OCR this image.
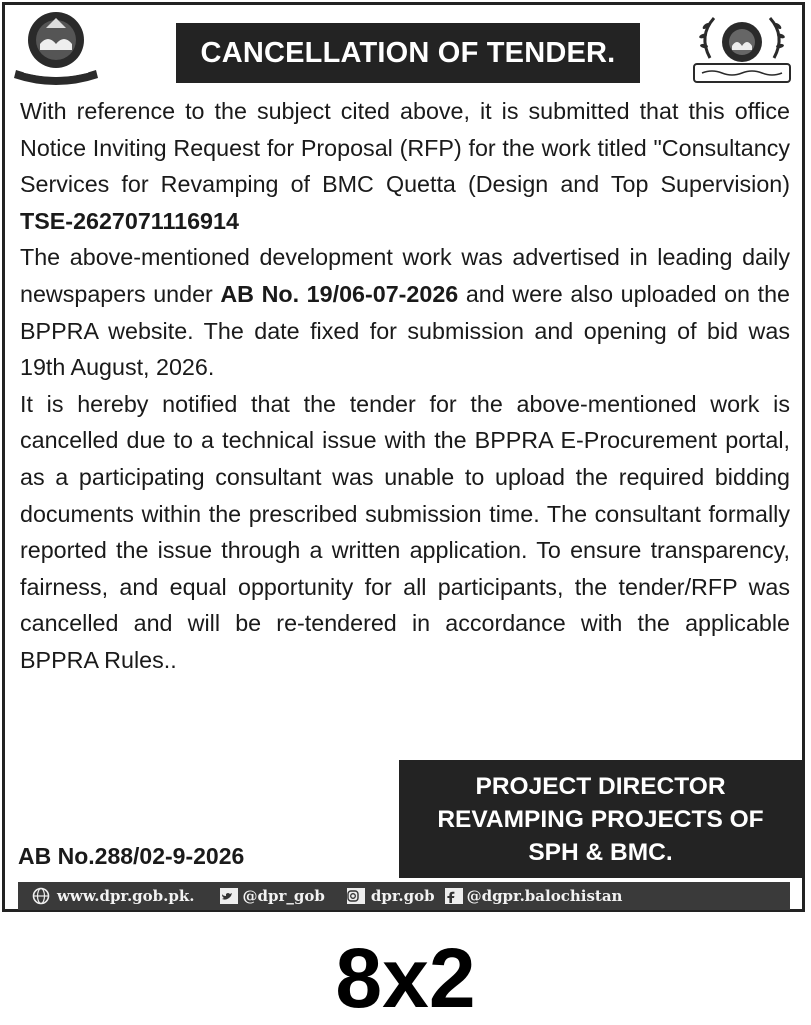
CANCELLATION OF TENDER.

With reference to the subject cited above, it is submitted that this office Notice Inviting Request for Proposal (RFP) for the work titled "Consultancy Services for Revamping of BMC Quetta (Design and Top Supervision) TSE-2627071116914

The above-mentioned development work was advertised in leading daily newspapers under AB No. 19/06-07-2026 and were also uploaded on the BPPRA website. The date fixed for submission and opening of bid was 19th August, 2026.

It is hereby notified that the tender for the above-mentioned work is cancelled due to a technical issue with the BPPRA E-Procurement portal, as a participating consultant was unable to upload the required bidding documents within the prescribed submission time. The consultant formally reported the issue through a written application. To ensure transparency, fairness, and equal opportunity for all participants, the tender/RFP was cancelled and will be re-tendered in accordance with the applicable BPPRA Rules..

AB No.288/02-9-2026
PROJECT DIRECTOR
REVAMPING PROJECTS OF
SPH & BMC.
www.dpr.gob.pk.	@dpr_gob	dpr.gob @dgpr.balochistan
8x2
